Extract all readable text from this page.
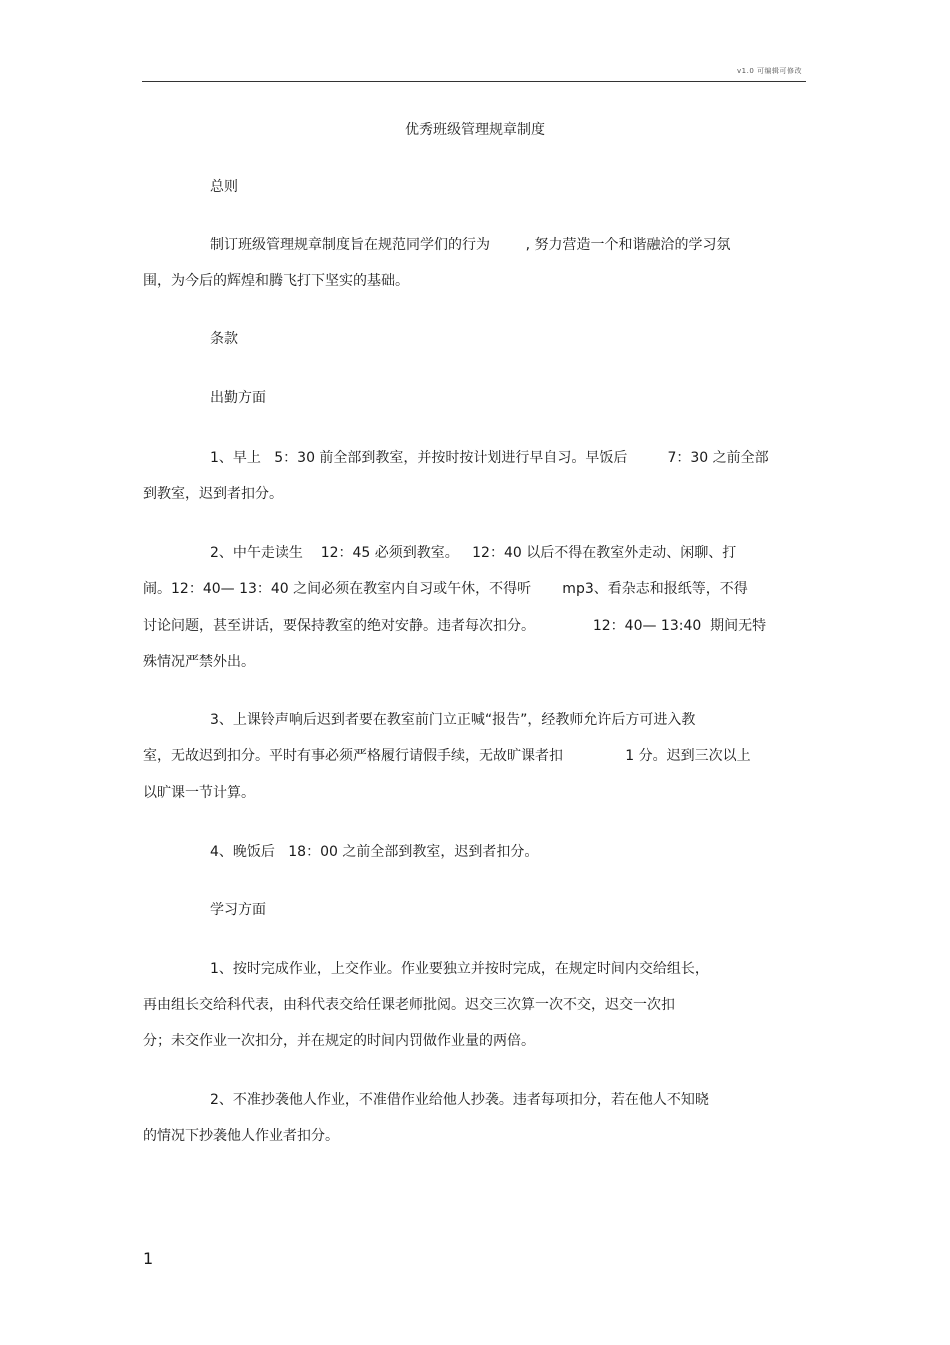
v1.0 可编辑可修改
优秀班级管理规章制度
总则
制订班级管理规章制度旨在规范同学们的行为        , 努力营造一个和谐融洽的学习氛
围，为今后的辉煌和腾飞打下坚实的基础。
条款
出勤方面
1、早上   5：30 前全部到教室，并按时按计划进行早自习。早饭后         7：30 之前全部
到教室，迟到者扣分。
2、中午走读生    12：45 必须到教室。   12：40 以后不得在教室外走动、闲聊、打
闹。12：40— 13：40 之间必须在教室内自习或午休，不得听       mp3、看杂志和报纸等，不得
讨论问题，甚至讲话，要保持教室的绝对安静。违者每次扣分。             12：40— 13:40  期间无特
殊情况严禁外出。
3、上课铃声响后迟到者要在教室前门立正喊“报告”，经教师允许后方可进入教
室，无故迟到扣分。平时有事必须严格履行请假手续，无故旷课者扣              1 分。迟到三次以上
以旷课一节计算。
4、晚饭后   18：00 之前全部到教室，迟到者扣分。
学习方面
1、按时完成作业，上交作业。作业要独立并按时完成，在规定时间内交给组长，
再由组长交给科代表，由科代表交给任课老师批阅。迟交三次算一次不交，迟交一次扣
分；未交作业一次扣分，并在规定的时间内罚做作业量的两倍。
2、不准抄袭他人作业，不准借作业给他人抄袭。违者每项扣分，若在他人不知晓
的情况下抄袭他人作业者扣分。
1
